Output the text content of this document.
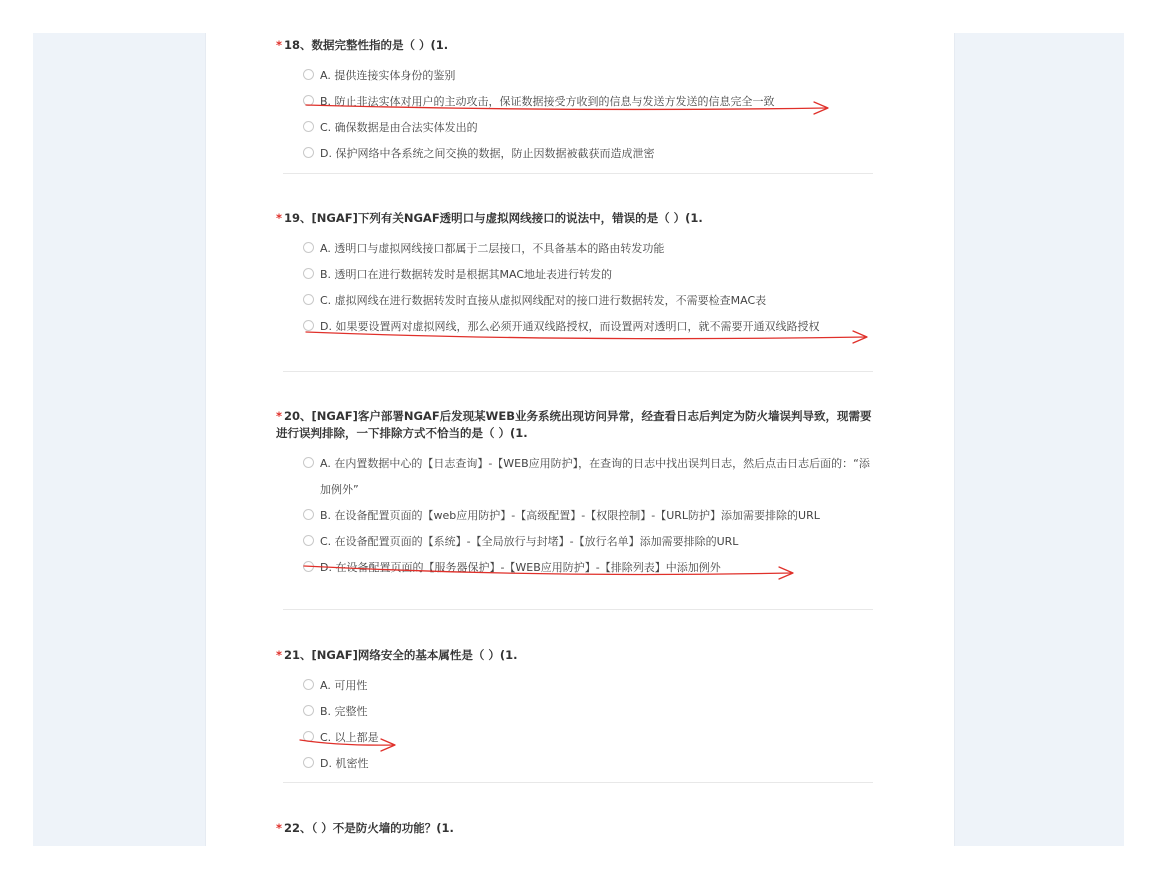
* 18、数据完整性指的是（ ）(1.
A. 提供连接实体身份的鉴别
B. 防止非法实体对用户的主动攻击，保证数据接受方收到的信息与发送方发送的信息完全一致
C. 确保数据是由合法实体发出的
D. 保护网络中各系统之间交换的数据，防止因数据被截获而造成泄密
* 19、[NGAF]下列有关NGAF透明口与虚拟网线接口的说法中，错误的是（ ）(1.
A. 透明口与虚拟网线接口都属于二层接口，不具备基本的路由转发功能
B. 透明口在进行数据转发时是根据其MAC地址表进行转发的
C. 虚拟网线在进行数据转发时直接从虚拟网线配对的接口进行数据转发，不需要检查MAC表
D. 如果要设置两对虚拟网线，那么必须开通双线路授权，而设置两对透明口，就不需要开通双线路授权
* 20、[NGAF]客户部署NGAF后发现某WEB业务系统出现访问异常，经查看日志后判定为防火墙误判导致，现需要进行误判排除，一下排除方式不恰当的是（ ）(1.
A. 在内置数据中心的【日志查询】-【WEB应用防护】，在查询的日志中找出误判日志，然后点击日志后面的：“添加例外”
B. 在设备配置页面的【web应用防护】-【高级配置】-【权限控制】-【URL防护】添加需要排除的URL
C. 在设备配置页面的【系统】-【全局放行与封堵】-【放行名单】添加需要排除的URL
D. 在设备配置页面的【服务器保护】-【WEB应用防护】-【排除列表】中添加例外
* 21、[NGAF]网络安全的基本属性是（ ）(1.
A. 可用性
B. 完整性
C. 以上都是
D. 机密性
* 22、（ ）不是防火墙的功能？(1.
